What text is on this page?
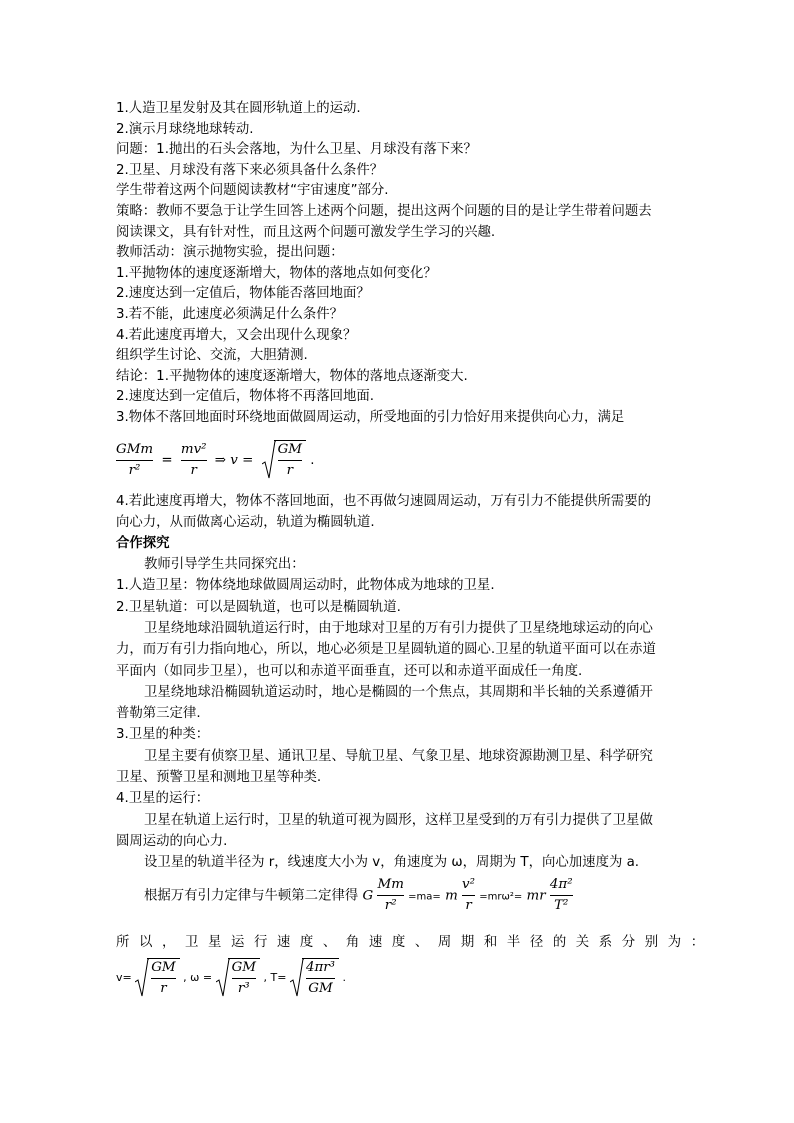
1.人造卫星发射及其在圆形轨道上的运动.
2.演示月球绕地球转动.
问题：1.抛出的石头会落地，为什么卫星、月球没有落下来？
2.卫星、月球没有落下来必须具备什么条件？
学生带着这两个问题阅读教材“宇宙速度”部分.
策略：教师不要急于让学生回答上述两个问题，提出这两个问题的目的是让学生带着问题去
阅读课文，具有针对性，而且这两个问题可激发学生学习的兴趣.
教师活动：演示抛物实验，提出问题：
1.平抛物体的速度逐渐增大，物体的落地点如何变化？
2.速度达到一定值后，物体能否落回地面？
3.若不能，此速度必须满足什么条件？
4.若此速度再增大，又会出现什么现象？
组织学生讨论、交流，大胆猜测.
结论：1.平抛物体的速度逐渐增大，物体的落地点逐渐变大.
2.速度达到一定值后，物体将不再落回地面.
3.物体不落回地面时环绕地面做圆周运动，所受地面的引力恰好用来提供向心力，满足
$\frac{\text{GMm}}{\text{r²}} = \frac{\text{mv²}}{r}$ ⇒ $v = \frac{GM}{r}$ .
4.若此速度再增大，物体不落回地面，也不再做匀速圆周运动，万有引力不能提供所需要的
向心力，从而做离心运动，轨道为椭圆轨道.
合作探究
教师引导学生共同探究出：
1.人造卫星：物体绕地球做圆周运动时，此物体成为地球的卫星.
2.卫星轨道：可以是圆轨道，也可以是椭圆轨道.
卫星绕地球沿圆轨道运行时，由于地球对卫星的万有引力提供了卫星绕地球运动的向心
力，而万有引力指向地心，所以，地心必须是卫星圆轨道的圆心.卫星的轨道平面可以在赤道
平面内（如同步卫星），也可以和赤道平面垂直，还可以和赤道平面成任一角度.
卫星绕地球沿椭圆轨道运动时，地心是椭圆的一个焦点，其周期和半长轴的关系遵循开
普勒第三定律.
3.卫星的种类：
卫星主要有侦察卫星、通讯卫星、导航卫星、气象卫星、地球资源勘测卫星、科学研究
卫星、预警卫星和测地卫星等种类.
4.卫星的运行：
卫星在轨道上运行时，卫星的轨道可视为圆形，这样卫星受到的万有引力提供了卫星做
圆周运动的向心力.
设卫星的轨道半径为 r，线速度大小为 v，角速度为 ω，周期为 T，向心加速度为 a.
根据万有引力定律与牛顿第二定律得 G $\frac{Mm}{\text{r²}} =ma= m \frac{\text{v²}}{r} =mr\omega^2=$ mr $\frac{\text{4π²}}{\text{T²}}$
所以，卫星运行速度、角速度、周期和半径的关系分别为：
$v= \frac{GM}{r}$ , $\omega = \frac{GM}{\text{r³}}$ , $T= \frac{\text{4πr³}}{GM}$ .
